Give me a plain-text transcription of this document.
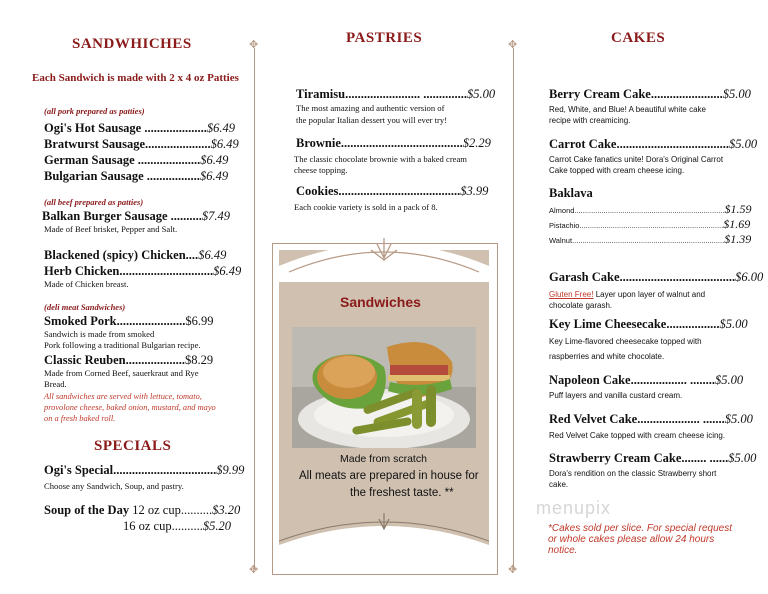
SANDWHICHES
Each Sandwich is made with 2 x 4 oz Patties
(all pork prepared as patties)
Ogi's Hot Sausage ....................$6.49
Bratwurst Sausage.....................$6.49
German Sausage ....................$6.49
Bulgarian Sausage .................$6.49
(all beef prepared as patties)
Balkan Burger Sausage ..........$7.49
Made of Beef brisket, Pepper and Salt.
Blackened (spicy) Chicken....$6.49
Herb Chicken..............................$6.49
Made of Chicken breast.
(deli meat Sandwiches)
Smoked Pork......................$6.99
Sandwich is made from smoked
Pork following a traditional Bulgarian recipe.
Classic Reuben...................$8.29
Made from Corned Beef, sauerkraut and Rye
Bread.
All sandwiches are served with lettuce, tomato,
provolone cheese, baked onion, mustard, and mayo
on a fresh baked roll.
SPECIALS
Ogi's Special.................................$9.99
Choose any Sandwich, Soup, and pastry.
Soup of the Day 12 oz cup..........$3.20
16 oz cup..........$5.20
✥
✥
✥
✥
PASTRIES
Tiramisu........................ ..............$5.00
The most amazing and authentic version of
the popular Italian dessert you will ever try!
Brownie.......................................$2.29
The classic chocolate brownie with a baked cream
cheese topping.
Cookies.......................................$3.99
Each cookie variety is sold in a pack of 8.
Sandwiches
Made from scratch
All meats are prepared in house for
the freshest taste. **
CAKES
Berry Cream Cake.......................$5.00
Red, White, and Blue! A beautiful white cake
recipe with creamicing.
Carrot Cake....................................$5.00
Carrot Cake fanatics unite! Dora's Original Carrot
Cake topped with cream cheese icing.
Baklava
Almond........................................................................$1.59
Pistachio.....................................................................$1.69
Walnut.........................................................................$1.39
Garash Cake.....................................$6.00
Gluten Free! Layer upon layer of walnut and
chocolate garash.
Key Lime Cheesecake.................$5.00
Key Lime-flavored cheesecake topped with
raspberries and white chocolate.
Napoleon Cake.................. ........$5.00
Puff layers and vanilla custard cream.
Red Velvet Cake.................... .......$5.00
Red Velvet Cake topped with cream cheese icing.
Strawberry Cream Cake........ ......$5.00
Dora's rendition on the classic Strawberry short
cake.
menupix
*Cakes sold per slice. For special request
or whole cakes please allow 24 hours
notice.
